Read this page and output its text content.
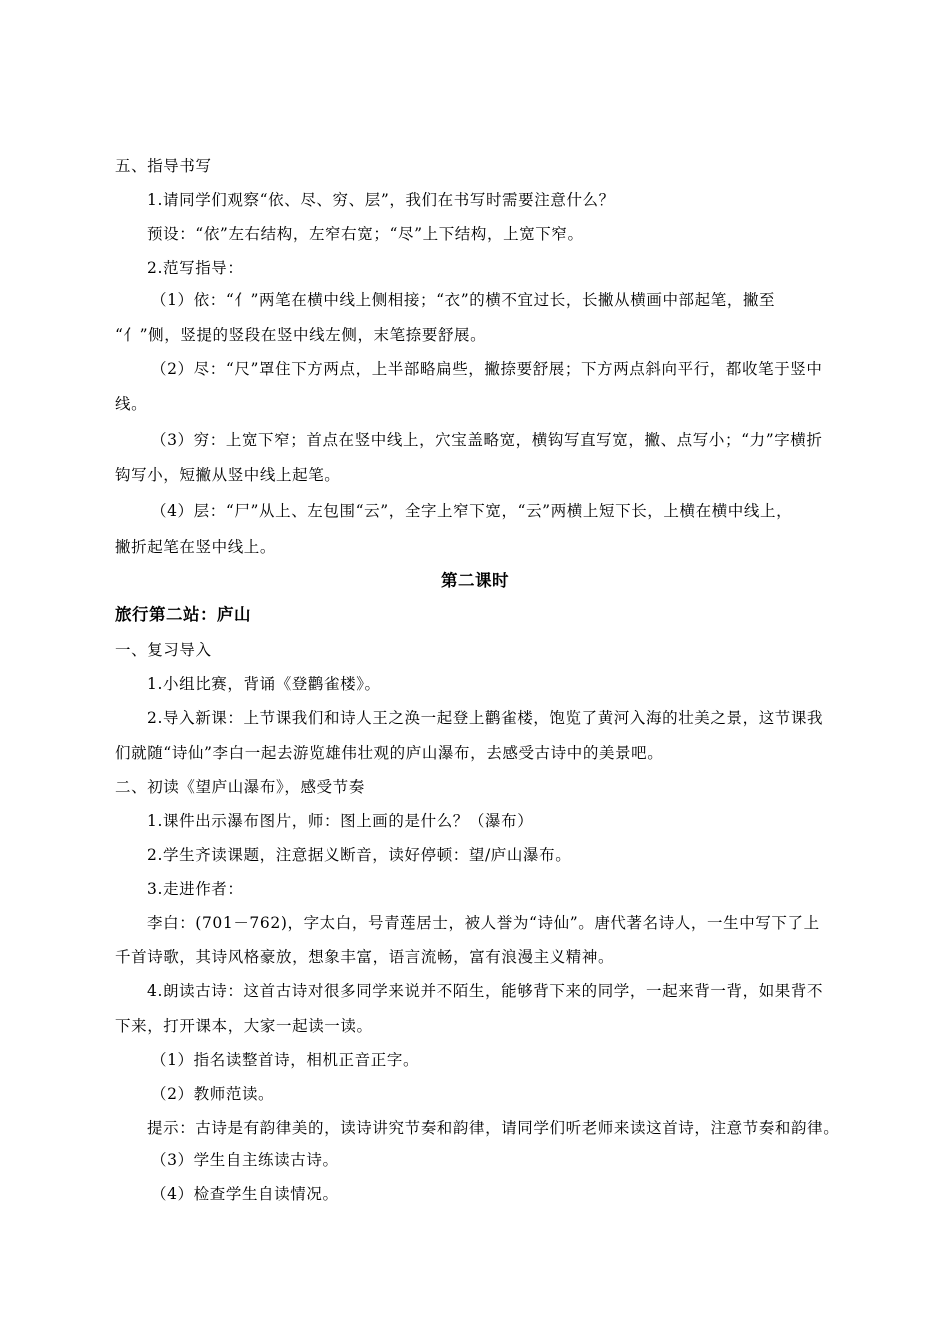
五、指导书写
1.请同学们观察“依、尽、穷、层”，我们在书写时需要注意什么？
预设：“依”左右结构，左窄右宽；“尽”上下结构，上宽下窄。
2.范写指导：
（1）依：“亻”两笔在横中线上侧相接；“衣”的横不宜过长，长撇从横画中部起笔，撇至
“亻”侧，竖提的竖段在竖中线左侧，末笔捺要舒展。
（2）尽：“尺”罩住下方两点，上半部略扁些，撇捺要舒展；下方两点斜向平行，都收笔于竖中
线。
（3）穷：上宽下窄；首点在竖中线上，穴宝盖略宽，横钩写直写宽，撇、点写小；“力”字横折
钩写小，短撇从竖中线上起笔。
（4）层：“尸”从上、左包围“云”，全字上窄下宽，“云”两横上短下长，上横在横中线上，
撇折起笔在竖中线上。
第二课时
旅行第二站：庐山
一、复习导入
1.小组比赛，背诵《登鹳雀楼》。
2.导入新课：上节课我们和诗人王之涣一起登上鹳雀楼，饱览了黄河入海的壮美之景，这节课我
们就随“诗仙”李白一起去游览雄伟壮观的庐山瀑布，去感受古诗中的美景吧。
二、初读《望庐山瀑布》，感受节奏
1.课件出示瀑布图片，师：图上画的是什么？（瀑布）
2.学生齐读课题，注意据义断音，读好停顿：望/庐山瀑布。
3.走进作者：
李白：(701－762)，字太白，号青莲居士，被人誉为“诗仙”。唐代著名诗人，一生中写下了上
千首诗歌，其诗风格豪放，想象丰富，语言流畅，富有浪漫主义精神。
4.朗读古诗：这首古诗对很多同学来说并不陌生，能够背下来的同学，一起来背一背，如果背不
下来，打开课本，大家一起读一读。
（1）指名读整首诗，相机正音正字。
（2）教师范读。
提示：古诗是有韵律美的，读诗讲究节奏和韵律，请同学们听老师来读这首诗，注意节奏和韵律。
（3）学生自主练读古诗。
（4）检查学生自读情况。
